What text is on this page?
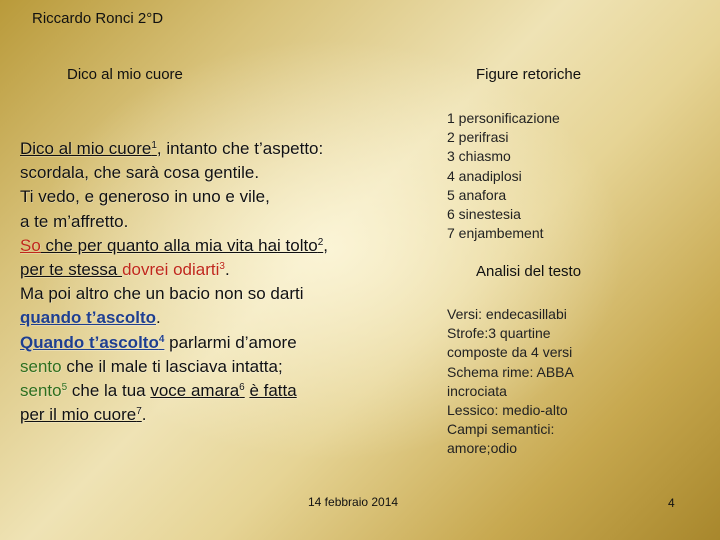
Riccardo Ronci 2°D
Dico al mio cuore	Figure retoriche
Dico al mio cuore$^1$, intanto che t’aspetto:
scordala, che sarà cosa gentile.
Ti vedo, e generoso in uno e vile,
a te m’affretto.
So che per quanto alla mia vita hai tolto$^2$,
per te stessa dovrei odiarti$^3$.
Ma poi altro che un bacio non so darti
quando t’ascolto.
Quando t’ascolto$^4$ parlarmi d’amore
sento che il male ti lasciava intatta;
sento$^5$ che la tua voce amara$^6$ è fatta
per il mio cuore$^7$.
1 personificazione
2 perifrasi
3 chiasmo
4 anadiplosi
5 anafora
6 sinestesia
7 enjambement
Analisi del testo
Versi: endecasillabi
Strofe:3 quartine
composte da 4 versi
Schema rime: ABBA
incrociata
Lessico: medio-alto
Campi semantici:
amore;odio
14 febbraio 2014	4
